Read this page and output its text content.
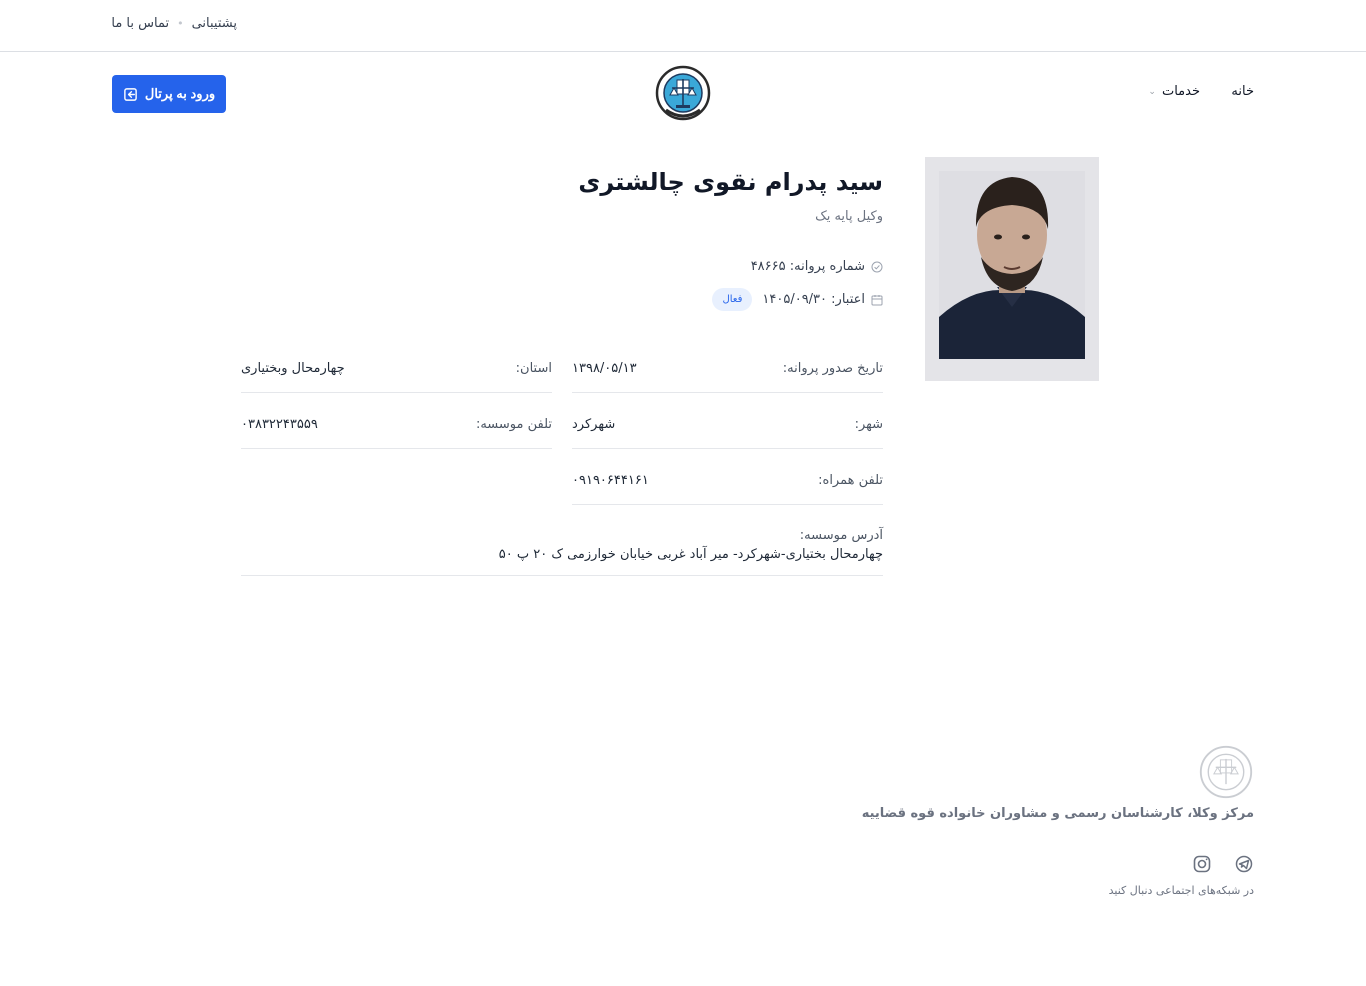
پشتیبانی
•
تماس با ما
خانه
خدمات
⌄
ورود به پرتال
سید پدرام نقوی چالشتری
وکیل پایه یک
شماره پروانه: ۴۸۶۶۵
اعتبار: ۱۴۰۵/۰۹/۳۰
فعال
تاریخ صدور پروانه:
۱۳۹۸/۰۵/۱۳
استان:
چهارمحال وبختیاری
شهر:
شهرکرد
تلفن موسسه:
۰۳۸۳۲۲۴۳۵۵۹
تلفن همراه:
۰۹۱۹۰۶۴۴۱۶۱
آدرس موسسه:
چهارمحال بختیاری-شهرکرد- میر آباد غربی خیابان خوارزمی ک ۲۰ پ ۵۰
مرکز وکلا، کارشناسان رسمی و مشاوران خانواده قوه قضاییه
در شبکه‌های اجتماعی دنبال کنید
